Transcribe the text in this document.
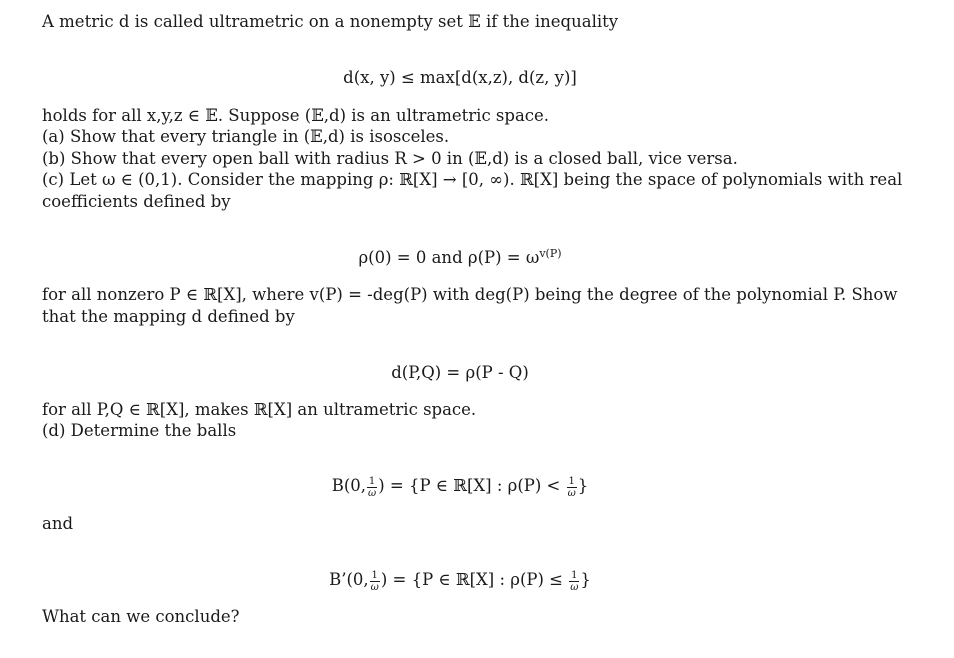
A metric d is called ultrametric on a nonempty set 𝔼 if the inequality
d(x, y) ≤ max[d(x,z), d(z, y)]
holds for all x,y,z ∈ 𝔼. Suppose (𝔼,d) is an ultrametric space.
(a) Show that every triangle in (𝔼,d) is isosceles.
(b) Show that every open ball with radius R > 0 in (𝔼,d) is a closed ball, vice versa.
(c) Let ω ∈ (0,1). Consider the mapping ρ: ℝ[X] → [0, ∞). ℝ[X] being the space of polynomials with real
coefficients defined by
ρ(0) = 0 and $\rho(P) = \omega^{v(P)}$
for all nonzero P ∈ ℝ[X], where v(P) = -deg(P) with deg(P) being the degree of the polynomial P. Show
that the mapping d defined by
d(P,Q) = ρ(P - Q)
for all P,Q ∈ ℝ[X], makes ℝ[X] an ultrametric space.
(d) Determine the balls
B(0, $\frac{1}{\omega}$ ) = {P ∈ ℝ[X] : $\rho(P) < \frac{1}{\omega}$ }
and
B’(0, $\frac{1}{\omega}$ ) = {P ∈ ℝ[X] : $\rho(P) \le \frac{1}{\omega}$ }
What can we conclude?
